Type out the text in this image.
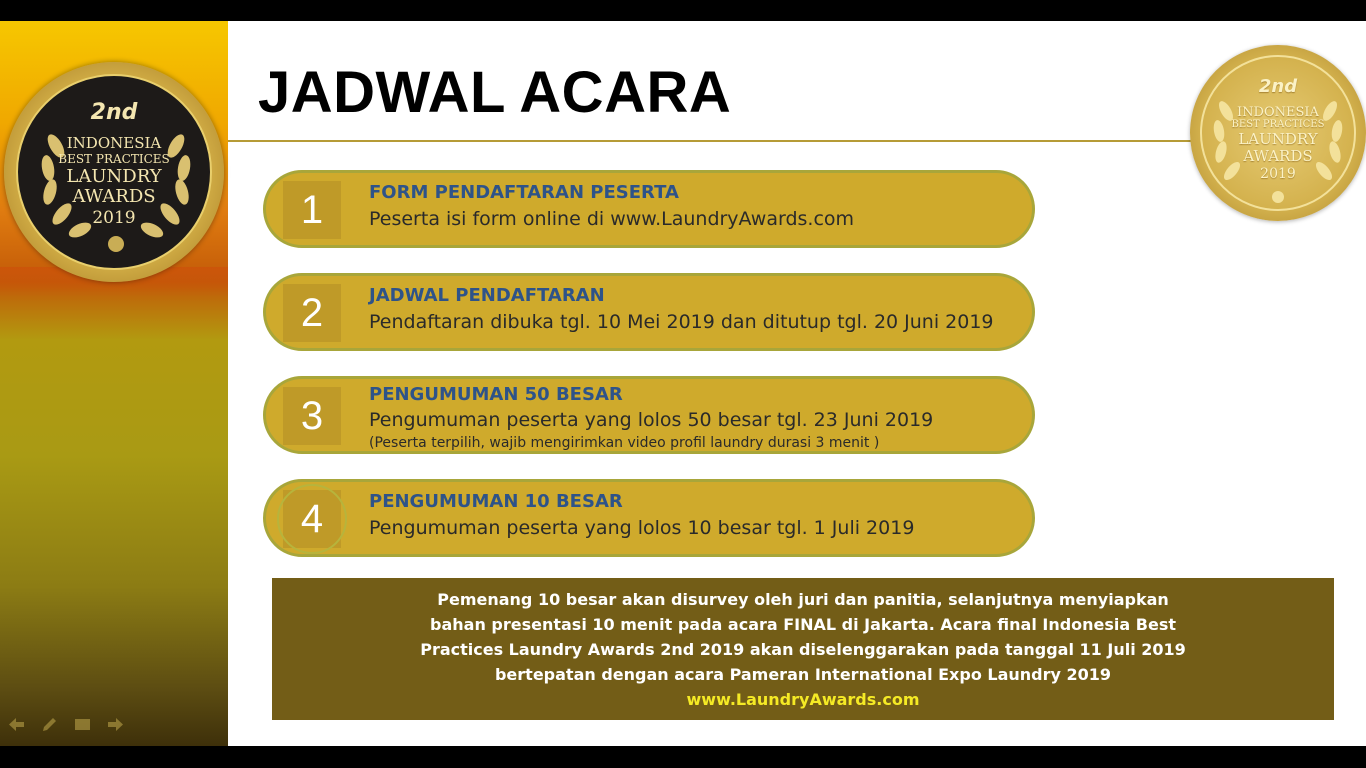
2nd
INDONESIA
BEST PRACTICES
LAUNDRY
AWARDS
2019
JADWAL ACARA	2nd
INDONESIA
BEST PRACTICES
LAUNDRY
AWARDS
2019
1	FORM PENDAFTARAN PESERTA
Peserta isi form online di www.LaundryAwards.com
2	JADWAL PENDAFTARAN
Pendaftaran dibuka tgl. 10 Mei 2019 dan ditutup tgl. 20 Juni 2019
3	PENGUMUMAN 50 BESAR
Pengumuman peserta yang lolos 50 besar tgl. 23 Juni 2019
(Peserta terpilih, wajib mengirimkan video profil laundry durasi 3 menit )
4	PENGUMUMAN 10 BESAR
Pengumuman peserta yang lolos 10 besar tgl. 1 Juli 2019
Pemenang 10 besar akan disurvey oleh juri dan panitia, selanjutnya menyiapkan bahan presentasi 10 menit pada acara FINAL di Jakarta. Acara final Indonesia Best Practices Laundry Awards 2nd 2019 akan diselenggarakan pada tanggal 11 Juli 2019 bertepatan dengan acara Pameran International Expo Laundry 2019
www.LaundryAwards.com
